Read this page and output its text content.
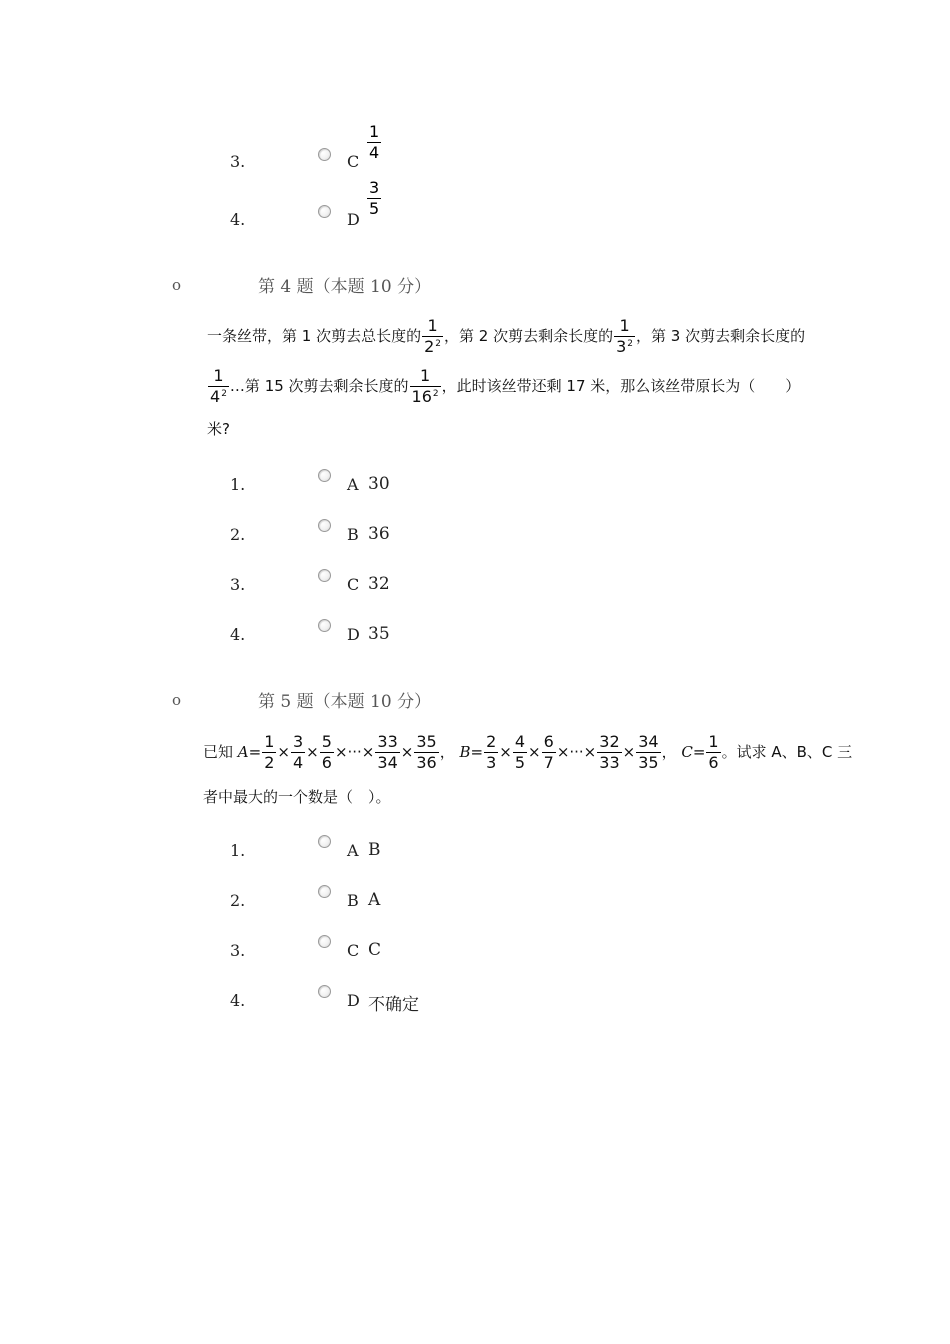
3.	C
$\frac{1}{4}$
4.	D
$\frac{3}{5}$
o	第 4 题（本题 10 分）
一条丝带，第 1 次剪去总长度的 $\frac{1}{2^2}$ ，第 2 次剪去剩余长度的 $\frac{1}{3^2}$ ，第 3 次剪去剩余长度的
$\frac{1}{4^2}$ …第 15 次剪去剩余长度的 $\frac{1}{16^2}$ ，此时该丝带还剩 17 米，那么该丝带原长为（　　）
米?
1.	A 30
2.	B 36
3.	C 32
4.	D 35
o	第 5 题（本题 10 分）
已知 $A= \frac{1}{2} \times \frac{3}{4} \times \frac{5}{6}$ ×···× $\frac{33}{34} \times \frac{35}{36}$ ， $B= \frac{2}{3} \times \frac{4}{5} \times \frac{6}{7}$ ×···× $\frac{32}{33} \times \frac{34}{35}$ ， $C= \frac{1}{6}$ 。试求 A、B、C 三
者中最大的一个数是（　）。
1.	A B
2.	B A
3.	C C
4.	D 不确定
